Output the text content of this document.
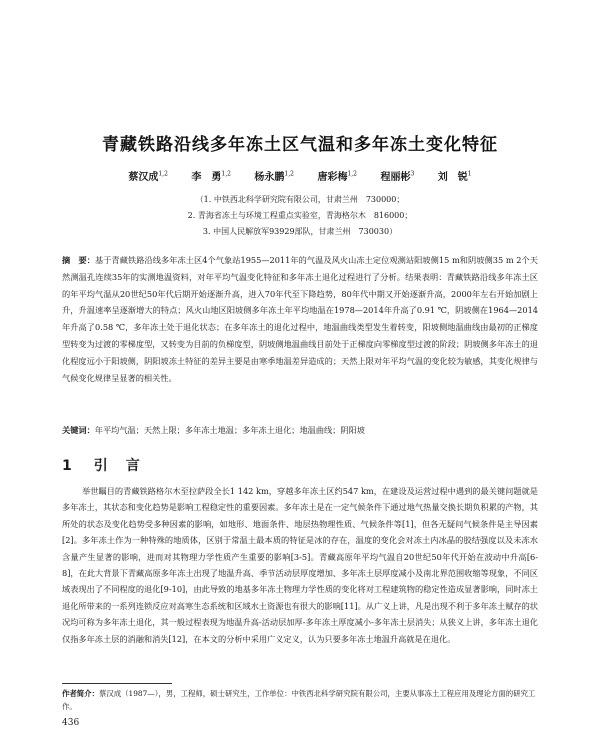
青藏铁路沿线多年冻土区气温和多年冻土变化特征
蔡汉成$^{1,2}$ 李　勇$^{1,2}$ 杨永鹏$^{1,2}$ 唐彩梅$^{1,2}$ 程丽彬$^3$ 刘　锐$^1$
（1. 中铁西北科学研究院有限公司，甘肃兰州　730000；
2. 青海省冻土与环境工程重点实验室，青海格尔木　816000；
3. 中国人民解放军93929部队，甘肃兰州　730030）
摘　要：基于青藏铁路沿线多年冻土区4个气象站1955—2011年的气温及风火山冻土定位观测站阳坡侧15 m和阴坡侧35 m 2个天然测温孔连续35年的实测地温资料，对年平均气温变化特征和多年冻土退化过程进行了分析。结果表明：青藏铁路沿线多年冻土区的年平均气温从20世纪50年代后期开始逐渐升高，进入70年代至下降趋势，80年代中期又开始逐渐升高，2000年左右开始加剧上升，升温速率呈逐渐增大的特点；风火山地区阳坡侧多年冻土年平均地温在1978—2014年升高了0.91 ℃，阴坡侧在1964—2014年升高了0.58 ℃，多年冻土处于退化状态；在多年冻土的退化过程中，地温曲线类型发生着转变，阳坡侧地温曲线由最初的正梯度型转变为过渡的零梯度型，又转变为目前的负梯度型，阴坡侧地温曲线目前处于正梯度向零梯度型过渡的阶段；阴坡侧多年冻土的退化程度远小于阳坡侧，阴阳坡冻土特征的差异主要是由寒季地温差异造成的；天然上限对年平均气温的变化较为敏感，其变化规律与气候变化规律呈显著的相关性。
关键词：年平均气温；天然上限；多年冻土地温；多年冻土退化；地温曲线；阴阳坡
1 引言
举世瞩目的青藏铁路格尔木至拉萨段全长1 142 km，穿越多年冻土区约547 km，在建设及运营过程中遇到的最关键问题就是多年冻土，其状态和变化趋势是影响工程稳定性的重要因素。多年冻土是在一定气候条件下通过地气热量交换长期负积累的产物，其所处的状态及变化趋势受多种因素的影响，如地形、地面条件、地层热物理性质、气候条件等[1]，但各无疑问气候条件是主导因素[2]。多年冻土作为一种特殊的地质体，区别于常温土最本质的特征是冰的存在，温度的变化会对冻土内冰晶的胶结强度以及未冻水含量产生显著的影响，进而对其物理力学性质产生重要的影响[3-5]。青藏高原年平均气温自20世纪50年代开始在波动中升高[6-8]，在此大背景下青藏高原多年冻土出现了地温升高、季节活动层厚度增加、多年冻土层厚度减小及南北界范围收缩等现象，不同区域表现出了不同程度的退化[9-10]，由此导致的地基多年冻土物理力学性质的变化将对工程建筑物的稳定性造成显著影响，同时冻土退化所带来的一系列连锁反应对高寒生态系统和区域水土资源也有很大的影响[11]。从广义上讲，凡是出现不利于多年冻土赋存的状况均可称为多年冻土退化，其一般过程表现为地温升高-活动层加厚-多年冻土厚度减小-多年冻土层消失；从狭义上讲，多年冻土退化仅指多年冻土层的消融和消失[12]，在本文的分析中采用广义定义，认为只要多年冻土地温升高就是在退化。
作者简介：蔡汉成（1987—），男，工程师，硕士研究生，工作单位：中铁西北科学研究院有限公司，主要从事冻土工程应用及理论方面的研究工作。
436
